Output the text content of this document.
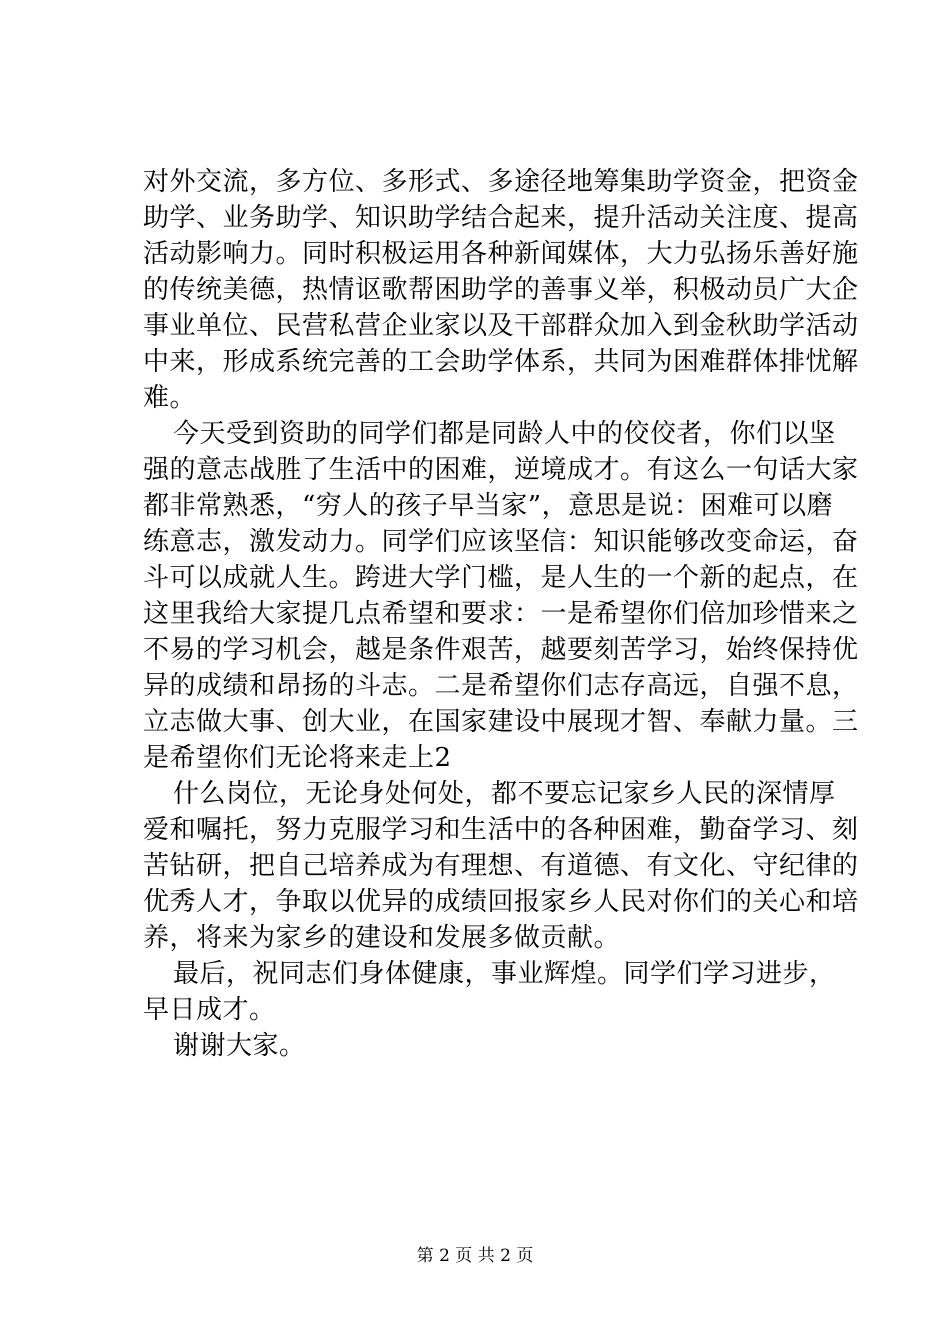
对外交流，多方位、多形式、多途径地筹集助学资金，把资金
助学、业务助学、知识助学结合起来，提升活动关注度、提高
活动影响力。同时积极运用各种新闻媒体，大力弘扬乐善好施
的传统美德，热情讴歌帮困助学的善事义举，积极动员广大企
事业单位、民营私营企业家以及干部群众加入到金秋助学活动
中来，形成系统完善的工会助学体系，共同为困难群体排忧解
难。
今天受到资助的同学们都是同龄人中的佼佼者，你们以坚
强的意志战胜了生活中的困难，逆境成才。有这么一句话大家
都非常熟悉，“穷人的孩子早当家”，意思是说：困难可以磨
练意志，激发动力。同学们应该坚信：知识能够改变命运，奋
斗可以成就人生。跨进大学门槛，是人生的一个新的起点，在
这里我给大家提几点希望和要求：一是希望你们倍加珍惜来之
不易的学习机会，越是条件艰苦，越要刻苦学习，始终保持优
异的成绩和昂扬的斗志。二是希望你们志存高远，自强不息，
立志做大事、创大业，在国家建设中展现才智、奉献力量。三
是希望你们无论将来走上2
什么岗位，无论身处何处，都不要忘记家乡人民的深情厚
爱和嘱托，努力克服学习和生活中的各种困难，勤奋学习、刻
苦钻研，把自己培养成为有理想、有道德、有文化、守纪律的
优秀人才，争取以优异的成绩回报家乡人民对你们的关心和培
养，将来为家乡的建设和发展多做贡献。
最后，祝同志们身体健康，事业辉煌。同学们学习进步，
早日成才。
谢谢大家。
第 2 页 共 2 页
